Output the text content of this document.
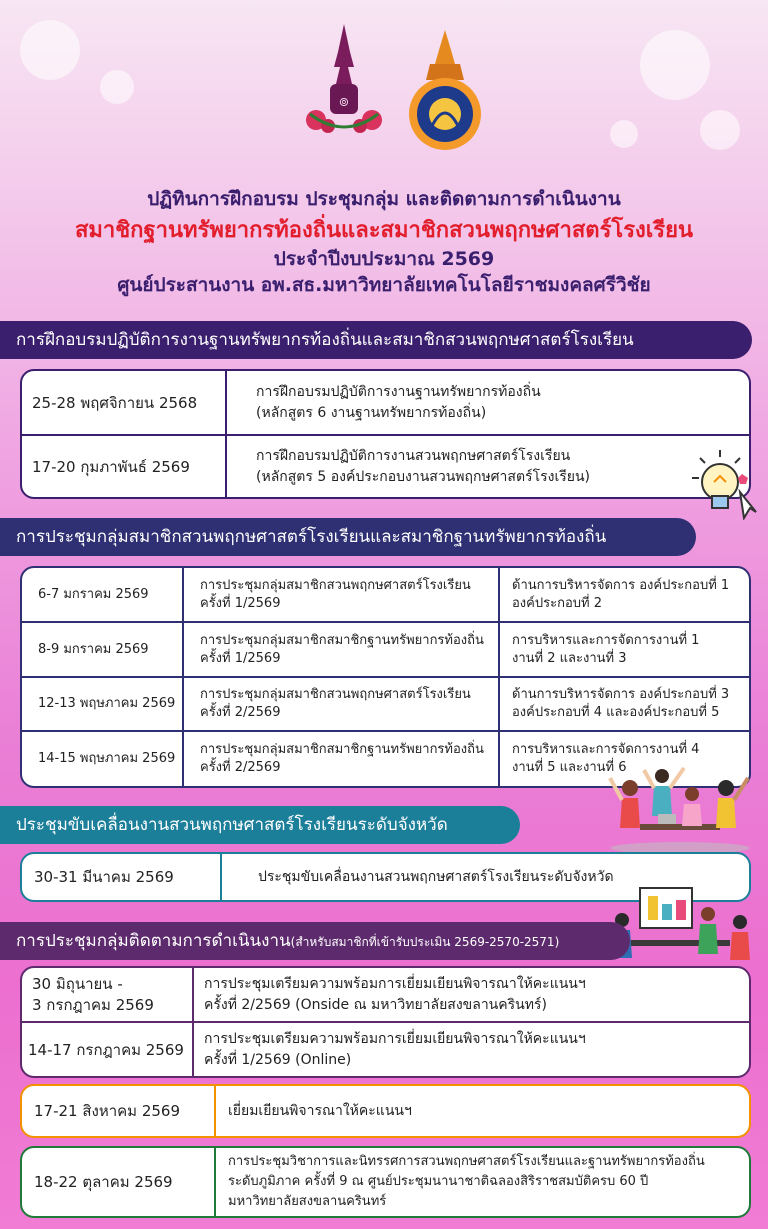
๏
ปฏิทินการฝึกอบรม ประชุมกลุ่ม และติดตามการดำเนินงาน
สมาชิกฐานทรัพยากรท้องถิ่นและสมาชิกสวนพฤกษศาสตร์โรงเรียน
ประจำปีงบประมาณ 2569
ศูนย์ประสานงาน อพ.สธ.มหาวิทยาลัยเทคโนโลยีราชมงคลศรีวิชัย
การฝึกอบรมปฏิบัติการงานฐานทรัพยากรท้องถิ่นและสมาชิกสวนพฤกษศาสตร์โรงเรียน
25-28 พฤศจิกายน 2568
การฝึกอบรมปฏิบัติการงานฐานทรัพยากรท้องถิ่น
(หลักสูตร 6 งานฐานทรัพยากรท้องถิ่น)
17-20 กุมภาพันธ์ 2569
การฝึกอบรมปฏิบัติการงานสวนพฤกษศาสตร์โรงเรียน
(หลักสูตร 5 องค์ประกอบงานสวนพฤกษศาสตร์โรงเรียน)
การประชุมกลุ่มสมาชิกสวนพฤกษศาสตร์โรงเรียนและสมาชิกฐานทรัพยากรท้องถิ่น
6-7 มกราคม 2569
การประชุมกลุ่มสมาชิกสวนพฤกษศาสตร์โรงเรียน
ครั้งที่ 1/2569
ด้านการบริหารจัดการ องค์ประกอบที่ 1
องค์ประกอบที่ 2
8-9 มกราคม 2569
การประชุมกลุ่มสมาชิกสมาชิกฐานทรัพยากรท้องถิ่น
ครั้งที่ 1/2569
การบริหารและการจัดการงานที่ 1
งานที่ 2 และงานที่ 3
12-13 พฤษภาคม 2569
การประชุมกลุ่มสมาชิกสวนพฤกษศาสตร์โรงเรียน
ครั้งที่ 2/2569
ด้านการบริหารจัดการ องค์ประกอบที่ 3
องค์ประกอบที่ 4 และองค์ประกอบที่ 5
14-15 พฤษภาคม 2569
การประชุมกลุ่มสมาชิกสมาชิกฐานทรัพยากรท้องถิ่น
ครั้งที่ 2/2569
การบริหารและการจัดการงานที่ 4
งานที่ 5 และงานที่ 6
ประชุมขับเคลื่อนงานสวนพฤกษศาสตร์โรงเรียนระดับจังหวัด
30-31 มีนาคม 2569	ประชุมขับเคลื่อนงานสวนพฤกษศาสตร์โรงเรียนระดับจังหวัด
การประชุมกลุ่มติดตามการดำเนินงาน(สำหรับสมาชิกที่เข้ารับประเมิน 2569-2570-2571)
30 มิถุนายน -
3 กรกฎาคม 2569
การประชุมเตรียมความพร้อมการเยี่ยมเยียนพิจารณาให้คะแนนฯ
ครั้งที่ 2/2569 (Onside ณ มหาวิทยาลัยสงขลานครินทร์)
14-17 กรกฎาคม 2569
การประชุมเตรียมความพร้อมการเยี่ยมเยียนพิจารณาให้คะแนนฯ
ครั้งที่ 1/2569 (Online)
17-21 สิงหาคม 2569	เยี่ยมเยียนพิจารณาให้คะแนนฯ
18-22 ตุลาคม 2569
การประชุมวิชาการและนิทรรศการสวนพฤกษศาสตร์โรงเรียนและฐานทรัพยากรท้องถิ่น
ระดับภูมิภาค ครั้งที่ 9 ณ ศูนย์ประชุมนานาชาติฉลองสิริราชสมบัติครบ 60 ปี
มหาวิทยาลัยสงขลานครินทร์
